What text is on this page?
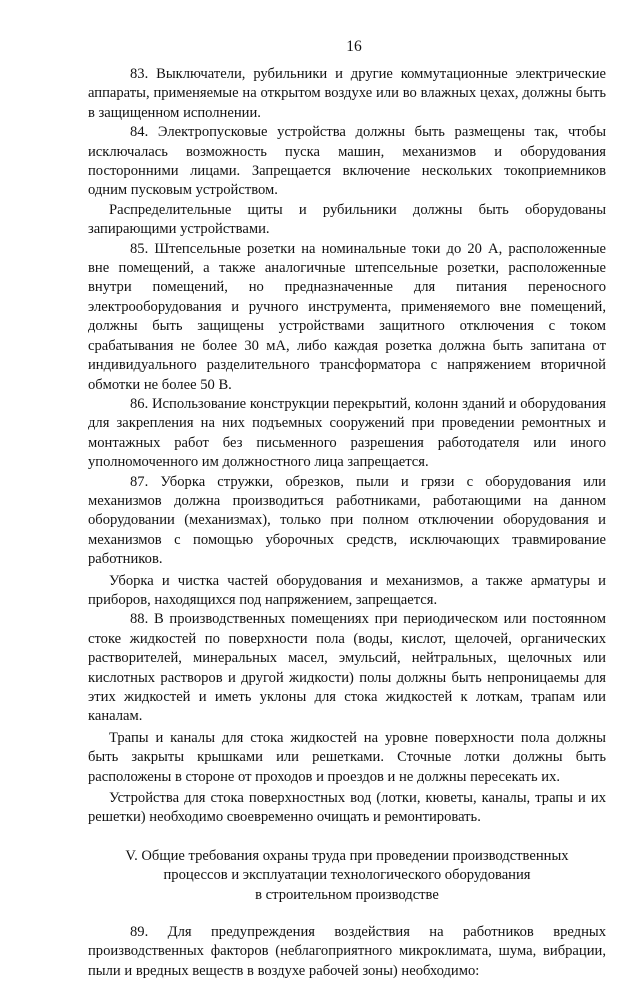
16

83. Выключатели, рубильники и другие коммутационные электрические аппараты, применяемые на открытом воздухе или во влажных цехах, должны быть в защищенном исполнении.

84. Электропусковые устройства должны быть размещены так, чтобы исключалась возможность пуска машин, механизмов и оборудования посторонними лицами. Запрещается включение нескольких токоприемников одним пусковым устройством.

Распределительные щиты и рубильники должны быть оборудованы запирающими устройствами.

85. Штепсельные розетки на номинальные токи до 20 А, расположенные вне помещений, а также аналогичные штепсельные розетки, расположенные внутри помещений, но предназначенные для питания переносного электрооборудования и ручного инструмента, применяемого вне помещений, должны быть защищены устройствами защитного отключения с током срабатывания не более 30 мА, либо каждая розетка должна быть запитана от индивидуального разделительного трансформатора с напряжением вторичной обмотки не более 50 В.

86. Использование конструкции перекрытий, колонн зданий и оборудования для закрепления на них подъемных сооружений при проведении ремонтных и монтажных работ без письменного разрешения работодателя или иного уполномоченного им должностного лица запрещается.

87. Уборка стружки, обрезков, пыли и грязи с оборудования или механизмов должна производиться работниками, работающими на данном оборудовании (механизмах), только при полном отключении оборудования и механизмов с помощью уборочных средств, исключающих травмирование работников.

Уборка и чистка частей оборудования и механизмов, а также арматуры и приборов, находящихся под напряжением, запрещается.

88. В производственных помещениях при периодическом или постоянном стоке жидкостей по поверхности пола (воды, кислот, щелочей, органических растворителей, минеральных масел, эмульсий, нейтральных, щелочных или кислотных растворов и другой жидкости) полы должны быть непроницаемы для этих жидкостей и иметь уклоны для стока жидкостей к лоткам, трапам или каналам.

Трапы и каналы для стока жидкостей на уровне поверхности пола должны быть закрыты крышками или решетками. Сточные лотки должны быть расположены в стороне от проходов и проездов и не должны пересекать их.

Устройства для стока поверхностных вод (лотки, кюветы, каналы, трапы и их решетки) необходимо своевременно очищать и ремонтировать.

V. Общие требования охраны труда при проведении производственных
процессов и эксплуатации технологического оборудования
в строительном производстве

89. Для предупреждения воздействия на работников вредных производственных факторов (неблагоприятного микроклимата, шума, вибрации, пыли и вредных веществ в воздухе рабочей зоны) необходимо:
